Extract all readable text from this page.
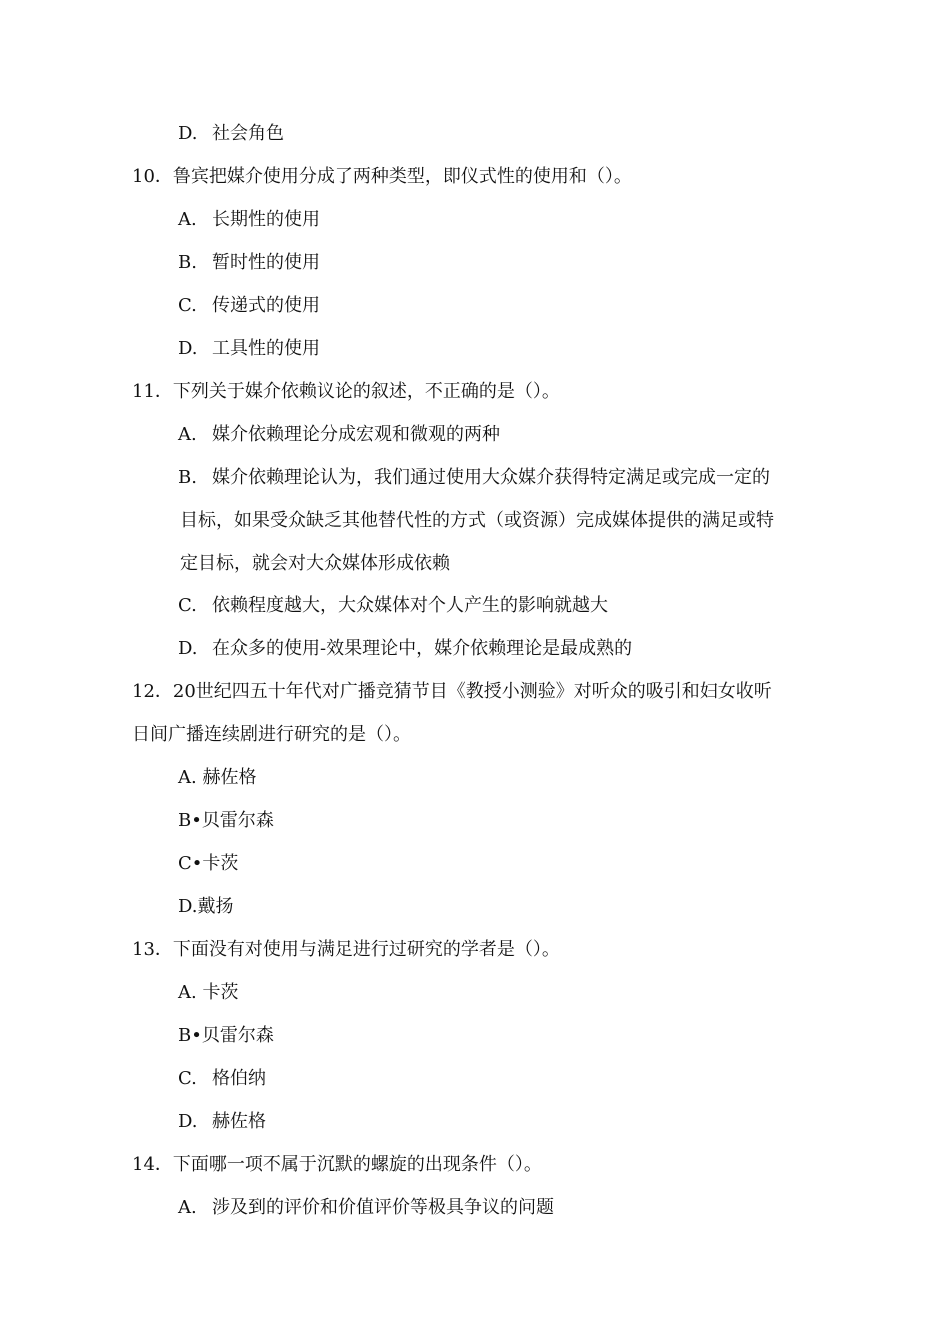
D. 社会角色
10．鲁宾把媒介使用分成了两种类型，即仪式性的使用和（）。
A. 长期性的使用
B. 暂时性的使用
C. 传递式的使用
D. 工具性的使用
11．下列关于媒介依赖议论的叙述，不正确的是（）。
A. 媒介依赖理论分成宏观和微观的两种
B. 媒介依赖理论认为，我们通过使用大众媒介获得特定满足或完成一定的
目标，如果受众缺乏其他替代性的方式（或资源）完成媒体提供的满足或特
定目标，就会对大众媒体形成依赖
C. 依赖程度越大，大众媒体对个人产生的影响就越大
D. 在众多的使用-效果理论中，媒介依赖理论是最成熟的
12．20世纪四五十年代对广播竞猜节目《教授小测验》对听众的吸引和妇女收听
日间广播连续剧进行研究的是（）。
A. 赫佐格
B•贝雷尔森
C•卡茨
D.戴扬
13．下面没有对使用与满足进行过研究的学者是（）。
A. 卡茨
B•贝雷尔森
C. 格伯纳
D. 赫佐格
14．下面哪一项不属于沉默的螺旋的出现条件（）。
A. 涉及到的评价和价值评价等极具争议的问题
